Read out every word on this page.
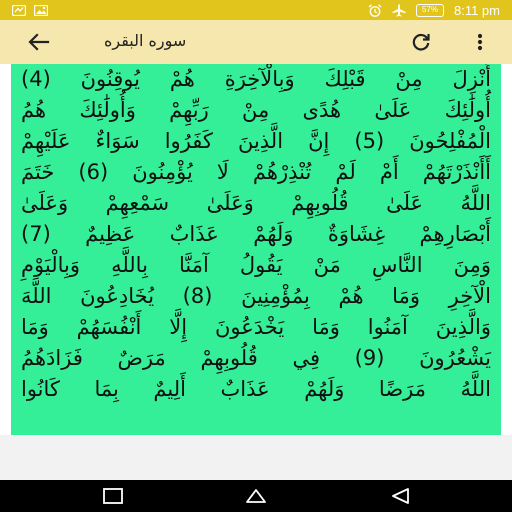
57% 8:11 pm
سوره البقره
أُنْزِلَ مِنْ قَبْلِكَ وَبِالْآخِرَةِ هُمْ يُوقِنُونَ (4)
أُولَٰئِكَ عَلَىٰ هُدًى مِنْ رَبِّهِمْ وَأُولَٰئِكَ هُمُ
الْمُفْلِحُونَ (5) إِنَّ الَّذِينَ كَفَرُوا سَوَاءٌ عَلَيْهِمْ
أَأَنْذَرْتَهُمْ أَمْ لَمْ تُنْذِرْهُمْ لَا يُؤْمِنُونَ (6) خَتَمَ
اللَّهُ عَلَىٰ قُلُوبِهِمْ وَعَلَىٰ سَمْعِهِمْ وَعَلَىٰ
أَبْصَارِهِمْ غِشَاوَةٌ وَلَهُمْ عَذَابٌ عَظِيمٌ (7)
وَمِنَ النَّاسِ مَنْ يَقُولُ آمَنَّا بِاللَّهِ وَبِالْيَوْمِ
الْآخِرِ وَمَا هُمْ بِمُؤْمِنِينَ (8) يُخَادِعُونَ اللَّهَ
وَالَّذِينَ آمَنُوا وَمَا يَخْدَعُونَ إِلَّا أَنْفُسَهُمْ وَمَا
يَشْعُرُونَ (9) فِي قُلُوبِهِمْ مَرَضٌ فَزَادَهُمُ
اللَّهُ مَرَضًا وَلَهُمْ عَذَابٌ أَلِيمٌ بِمَا كَانُوا
